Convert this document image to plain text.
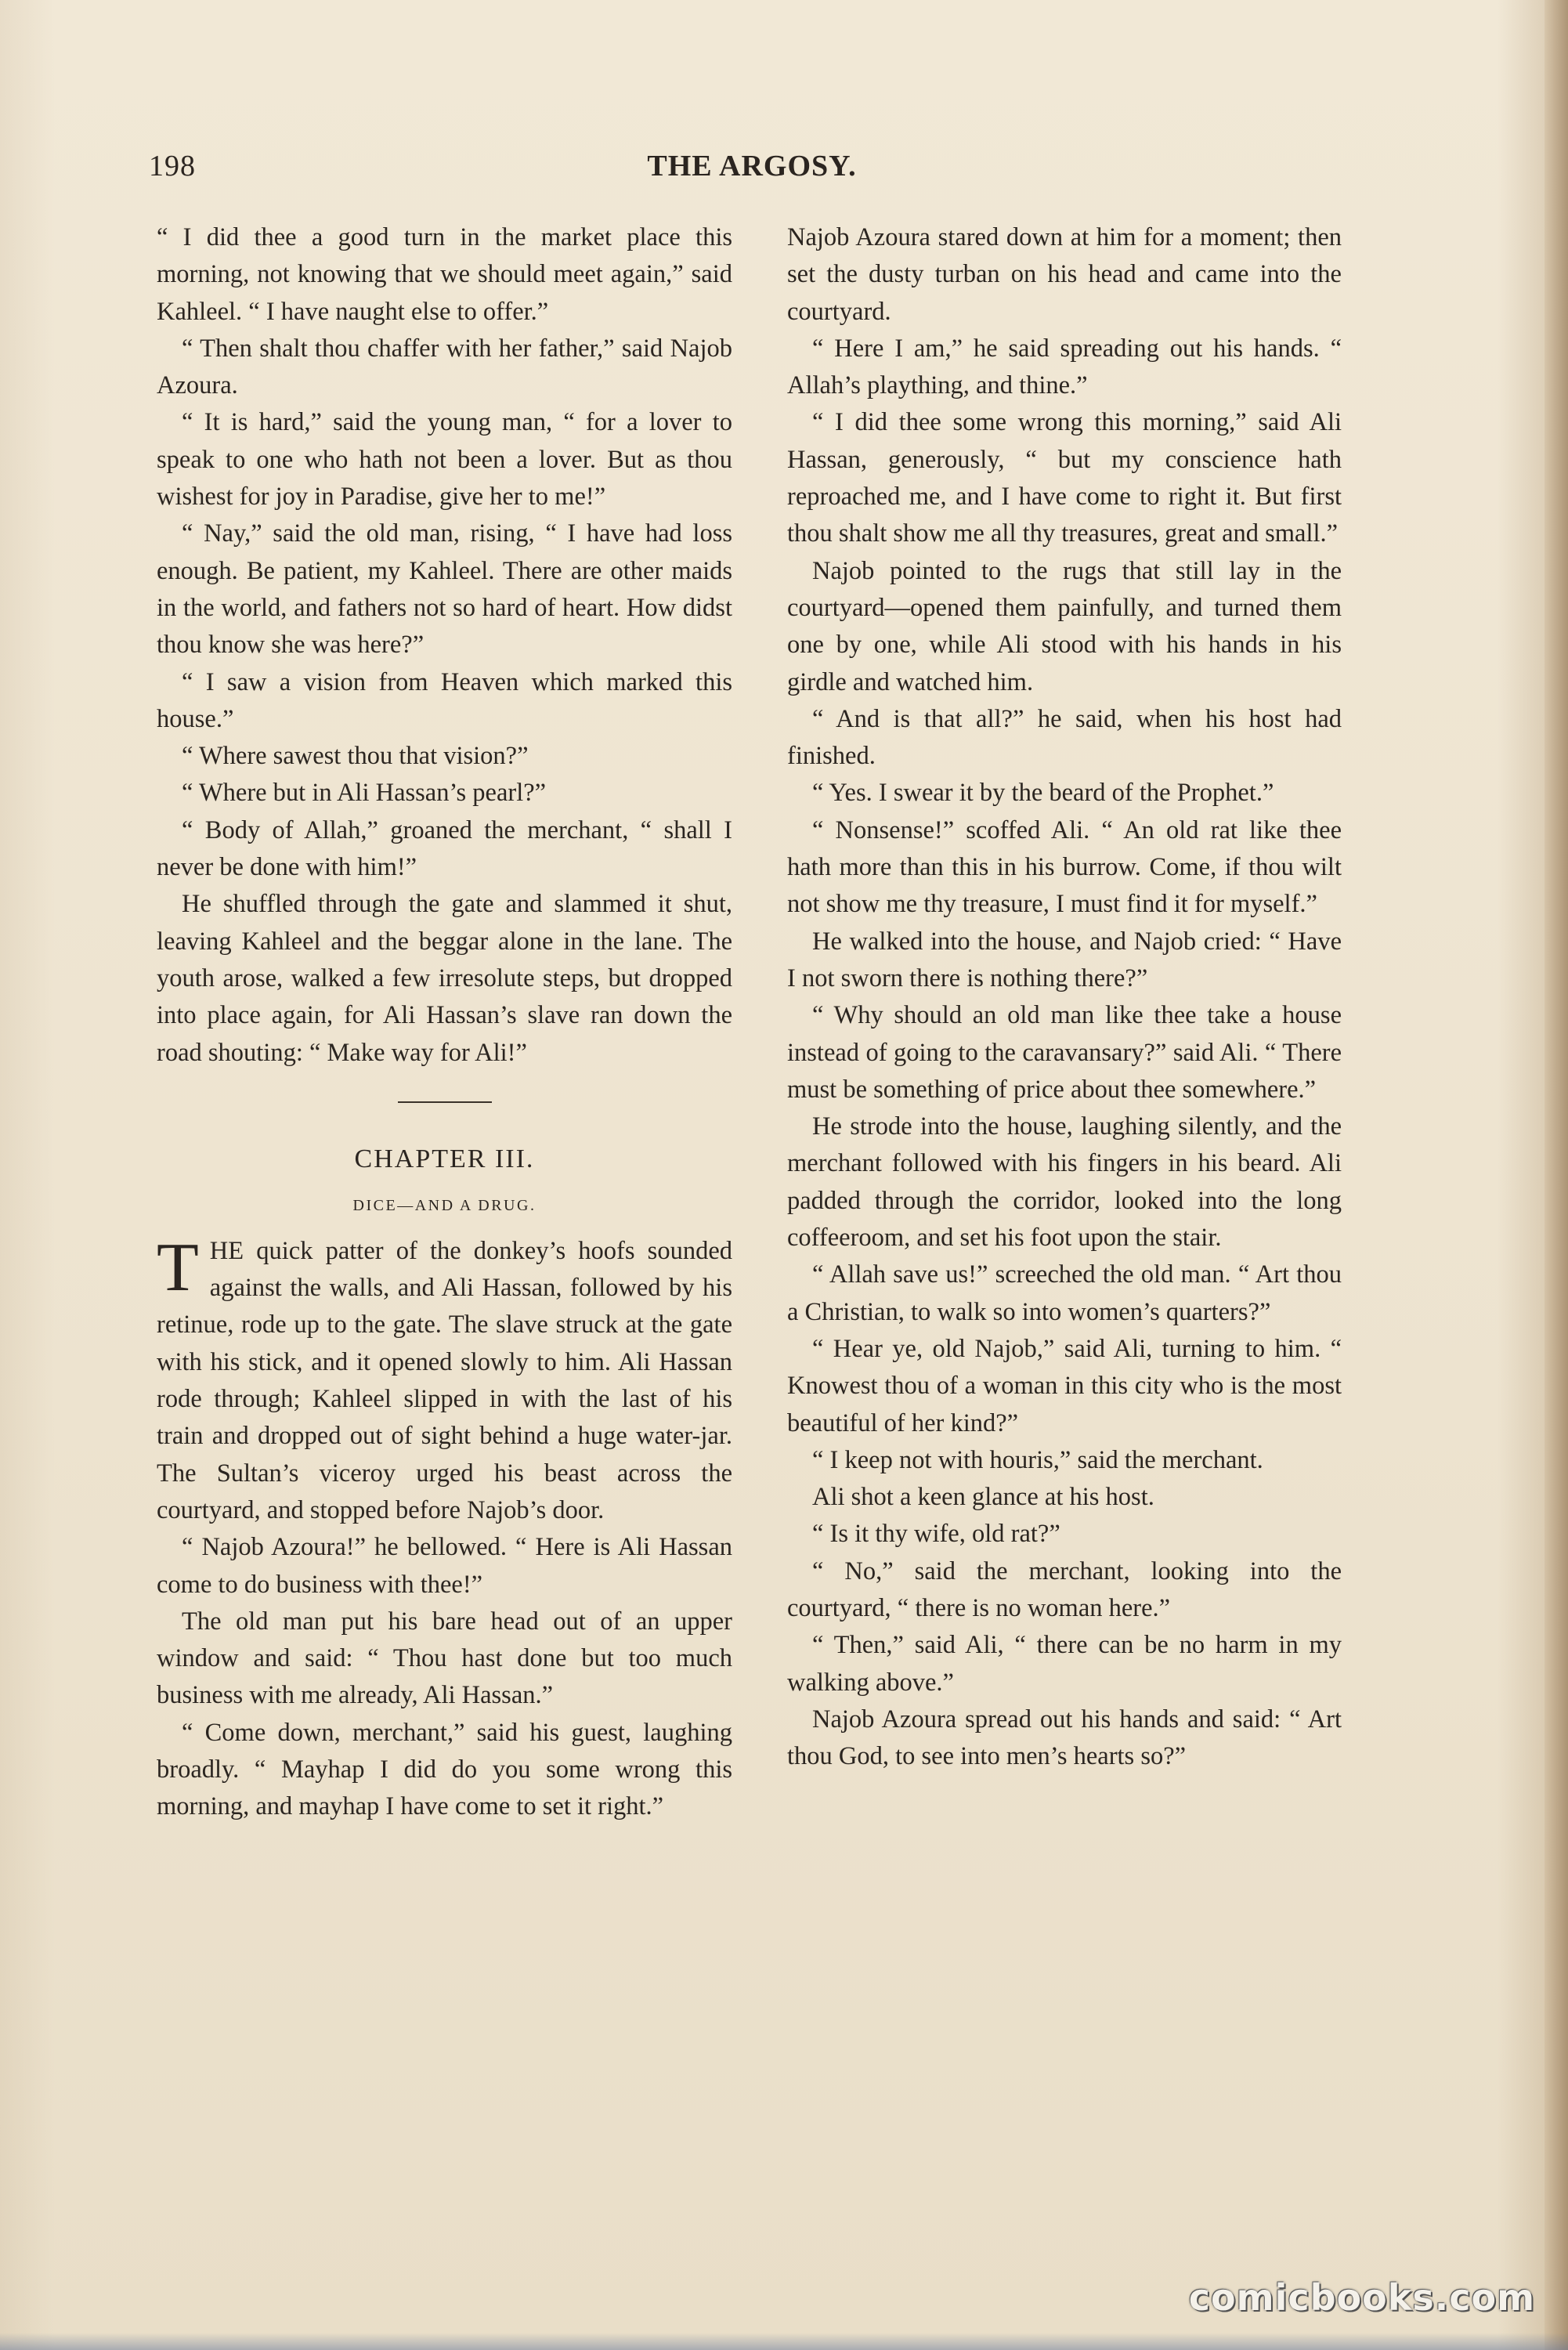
198	THE ARGOSY.

“ I did thee a good turn in the market place this morning, not knowing that we should meet again,” said Kahleel. “ I have naught else to offer.”

“ Then shalt thou chaffer with her father,” said Najob Azoura.

“ It is hard,” said the young man, “ for a lover to speak to one who hath not been a lover. But as thou wishest for joy in Paradise, give her to me!”

“ Nay,” said the old man, rising, “ I have had loss enough. Be patient, my Kahleel. There are other maids in the world, and fathers not so hard of heart. How didst thou know she was here?”

“ I saw a vision from Heaven which marked this house.”

“ Where sawest thou that vision?”

“ Where but in Ali Hassan’s pearl?”

“ Body of Allah,” groaned the merchant, “ shall I never be done with him!”

He shuffled through the gate and slammed it shut, leaving Kahleel and the beggar alone in the lane. The youth arose, walked a few irresolute steps, but dropped into place again, for Ali Hassan’s slave ran down the road shouting: “ Make way for Ali!”

CHAPTER III.
DICE—AND A DRUG.

THE quick patter of the donkey’s hoofs sounded against the walls, and Ali Hassan, followed by his retinue, rode up to the gate. The slave struck at the gate with his stick, and it opened slowly to him. Ali Hassan rode through; Kahleel slipped in with the last of his train and dropped out of sight behind a huge water-jar. The Sultan’s viceroy urged his beast across the courtyard, and stopped before Najob’s door.

“ Najob Azoura!” he bellowed. “ Here is Ali Hassan come to do business with thee!”

The old man put his bare head out of an upper window and said: “ Thou hast done but too much business with me already, Ali Hassan.”

“ Come down, merchant,” said his guest, laughing broadly. “ Mayhap I did do you some wrong this morning, and mayhap I have come to set it right.”

Najob Azoura stared down at him for a moment; then set the dusty turban on his head and came into the courtyard.

“ Here I am,” he said spreading out his hands. “ Allah’s plaything, and thine.”

“ I did thee some wrong this morning,” said Ali Hassan, generously, “ but my conscience hath reproached me, and I have come to right it. But first thou shalt show me all thy treasures, great and small.”

Najob pointed to the rugs that still lay in the courtyard—opened them painfully, and turned them one by one, while Ali stood with his hands in his girdle and watched him.

“ And is that all?” he said, when his host had finished.

“ Yes. I swear it by the beard of the Prophet.”

“ Nonsense!” scoffed Ali. “ An old rat like thee hath more than this in his burrow. Come, if thou wilt not show me thy treasure, I must find it for myself.”

He walked into the house, and Najob cried: “ Have I not sworn there is nothing there?”

“ Why should an old man like thee take a house instead of going to the caravansary?” said Ali. “ There must be something of price about thee somewhere.”

He strode into the house, laughing silently, and the merchant followed with his fingers in his beard. Ali padded through the corridor, looked into the long coffeeroom, and set his foot upon the stair.

“ Allah save us!” screeched the old man. “ Art thou a Christian, to walk so into women’s quarters?”

“ Hear ye, old Najob,” said Ali, turning to him. “ Knowest thou of a woman in this city who is the most beautiful of her kind?”

“ I keep not with houris,” said the merchant.

Ali shot a keen glance at his host.

“ Is it thy wife, old rat?”

“ No,” said the merchant, looking into the courtyard, “ there is no woman here.”

“ Then,” said Ali, “ there can be no harm in my walking above.”

Najob Azoura spread out his hands and said: “ Art thou God, to see into men’s hearts so?”

comicbooks.com
